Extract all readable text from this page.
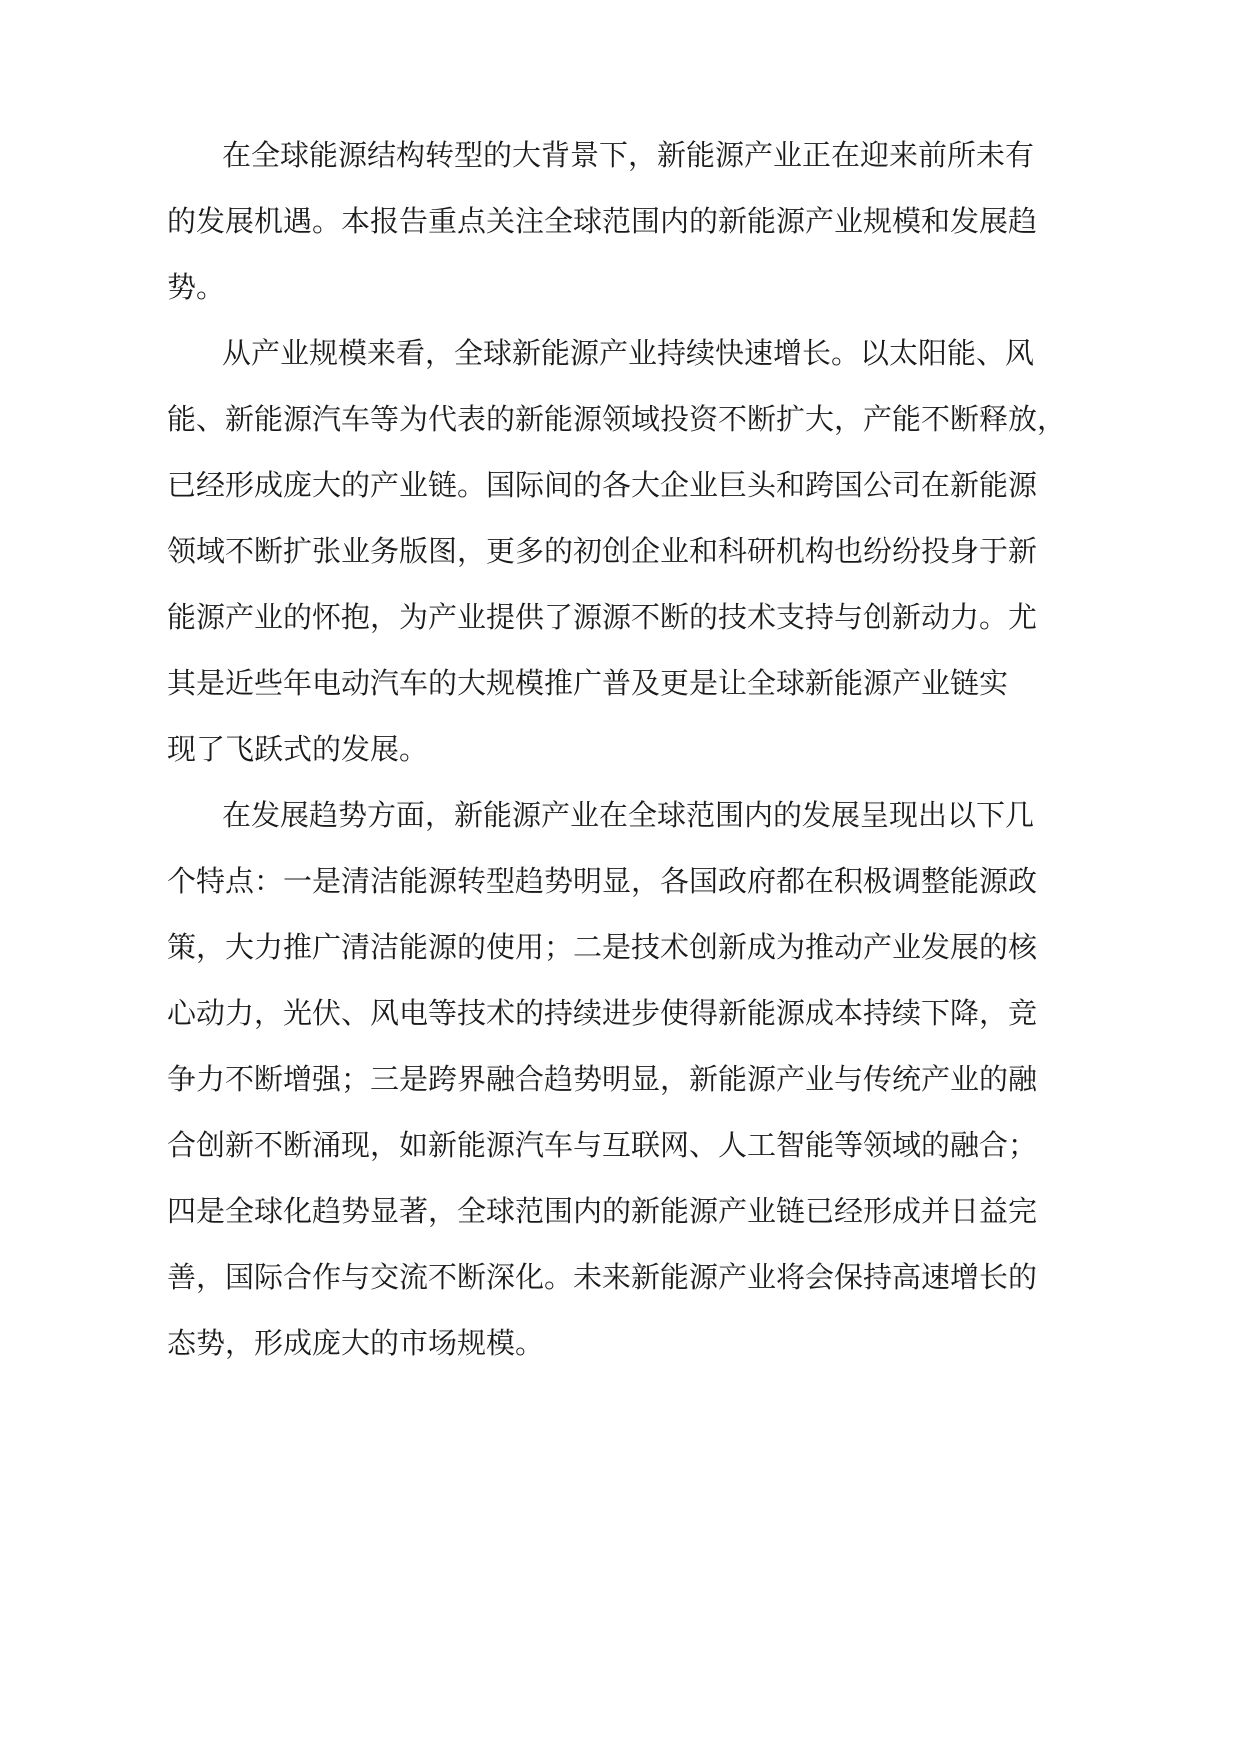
在全球能源结构转型的大背景下，新能源产业正在迎来前所未有
的发展机遇。本报告重点关注全球范围内的新能源产业规模和发展趋
势。
从产业规模来看，全球新能源产业持续快速增长。以太阳能、风
能、新能源汽车等为代表的新能源领域投资不断扩大，产能不断释放，
已经形成庞大的产业链。国际间的各大企业巨头和跨国公司在新能源
领域不断扩张业务版图，更多的初创企业和科研机构也纷纷投身于新
能源产业的怀抱，为产业提供了源源不断的技术支持与创新动力。尤
其是近些年电动汽车的大规模推广普及更是让全球新能源产业链实
现了飞跃式的发展。
在发展趋势方面，新能源产业在全球范围内的发展呈现出以下几
个特点：一是清洁能源转型趋势明显，各国政府都在积极调整能源政
策，大力推广清洁能源的使用；二是技术创新成为推动产业发展的核
心动力，光伏、风电等技术的持续进步使得新能源成本持续下降，竞
争力不断增强；三是跨界融合趋势明显，新能源产业与传统产业的融
合创新不断涌现，如新能源汽车与互联网、人工智能等领域的融合；
四是全球化趋势显著，全球范围内的新能源产业链已经形成并日益完
善，国际合作与交流不断深化。未来新能源产业将会保持高速增长的
态势，形成庞大的市场规模。
